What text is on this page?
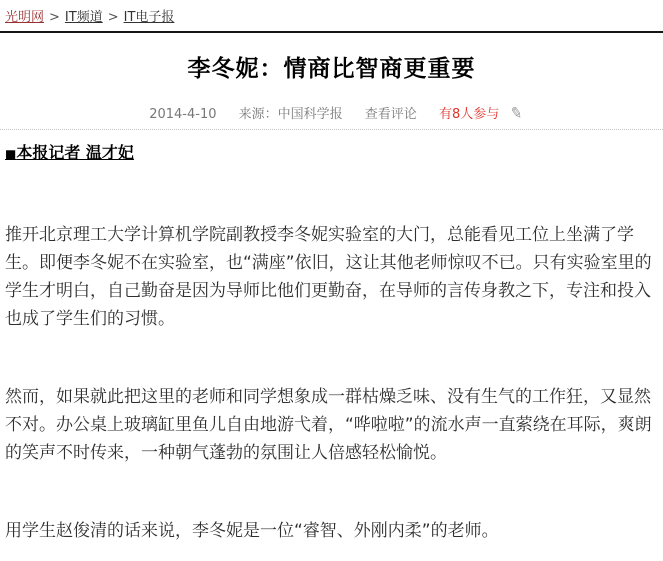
光明网 > IT频道 > IT电子报
李冬妮：情商比智商更重要
2014-4-10 来源：中国科学报 查看评论 有8人参与 ✎
■本报记者 温才妃

推开北京理工大学计算机学院副教授李冬妮实验室的大门，总能看见工位上坐满了学生。即便李冬妮不在实验室，也“满座”依旧，这让其他老师惊叹不已。只有实验室里的学生才明白，自己勤奋是因为导师比他们更勤奋，在导师的言传身教之下，专注和投入也成了学生们的习惯。

然而，如果就此把这里的老师和同学想象成一群枯燥乏味、没有生气的工作狂，又显然不对。办公桌上玻璃缸里鱼儿自由地游弋着，“哗啦啦”的流水声一直萦绕在耳际，爽朗的笑声不时传来，一种朝气蓬勃的氛围让人倍感轻松愉悦。

用学生赵俊清的话来说，李冬妮是一位“睿智、外刚内柔”的老师。
